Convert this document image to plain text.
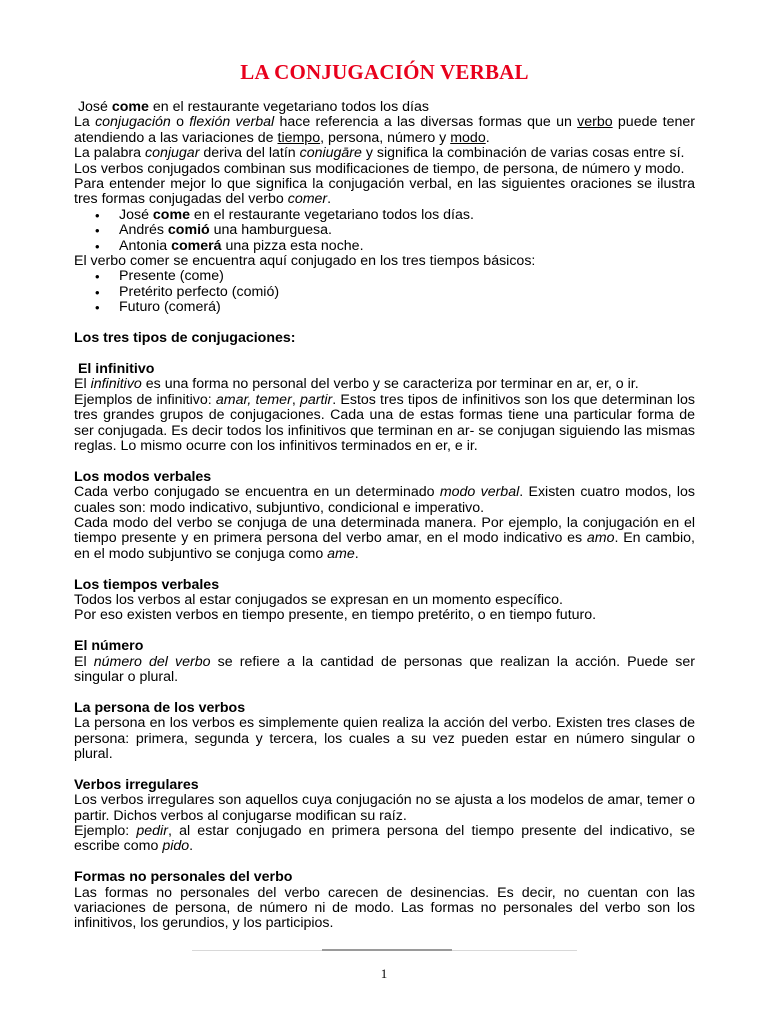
LA CONJUGACIÓN VERBAL

José come en el restaurante vegetariano todos los días

La conjugación o flexión verbal hace referencia a las diversas formas que un verbo puede tener atendiendo a las variaciones de tiempo, persona, número y modo.

La palabra conjugar deriva del latín coniugāre y significa la combinación de varias cosas entre sí.

Los verbos conjugados combinan sus modificaciones de tiempo, de persona, de número y modo.

Para entender mejor lo que significa la conjugación verbal, en las siguientes oraciones se ilustra tres formas conjugadas del verbo comer.

• José come en el restaurante vegetariano todos los días.
• Andrés comió una hamburguesa.
• Antonia comerá una pizza esta noche.

El verbo comer se encuentra aquí conjugado en los tres tiempos básicos:

• Presente (come)
• Pretérito perfecto (comió)
• Futuro (comerá)

Los tres tipos de conjugaciones:

El infinitivo

El infinitivo es una forma no personal del verbo y se caracteriza por terminar en ar, er, o ir.

Ejemplos de infinitivo: amar, temer, partir. Estos tres tipos de infinitivos son los que determinan los tres grandes grupos de conjugaciones. Cada una de estas formas tiene una particular forma de ser conjugada. Es decir todos los infinitivos que terminan en ar- se conjugan siguiendo las mismas reglas. Lo mismo ocurre con los infinitivos terminados en er, e ir.

Los modos verbales

Cada verbo conjugado se encuentra en un determinado modo verbal. Existen cuatro modos, los cuales son: modo indicativo, subjuntivo, condicional e imperativo.

Cada modo del verbo se conjuga de una determinada manera. Por ejemplo, la conjugación en el tiempo presente y en primera persona del verbo amar, en el modo indicativo es amo. En cambio, en el modo subjuntivo se conjuga como ame.

Los tiempos verbales

Todos los verbos al estar conjugados se expresan en un momento específico.

Por eso existen verbos en tiempo presente, en tiempo pretérito, o en tiempo futuro.

El número

El número del verbo se refiere a la cantidad de personas que realizan la acción. Puede ser singular o plural.

La persona de los verbos

La persona en los verbos es simplemente quien realiza la acción del verbo. Existen tres clases de persona: primera, segunda y tercera, los cuales a su vez pueden estar en número singular o plural.

Verbos irregulares

Los verbos irregulares son aquellos cuya conjugación no se ajusta a los modelos de amar, temer o partir. Dichos verbos al conjugarse modifican su raíz.

Ejemplo: pedir, al estar conjugado en primera persona del tiempo presente del indicativo, se escribe como pido.

Formas no personales del verbo

Las formas no personales del verbo carecen de desinencias. Es decir, no cuentan con las variaciones de persona, de número ni de modo. Las formas no personales del verbo son los infinitivos, los gerundios, y los participios.

1
